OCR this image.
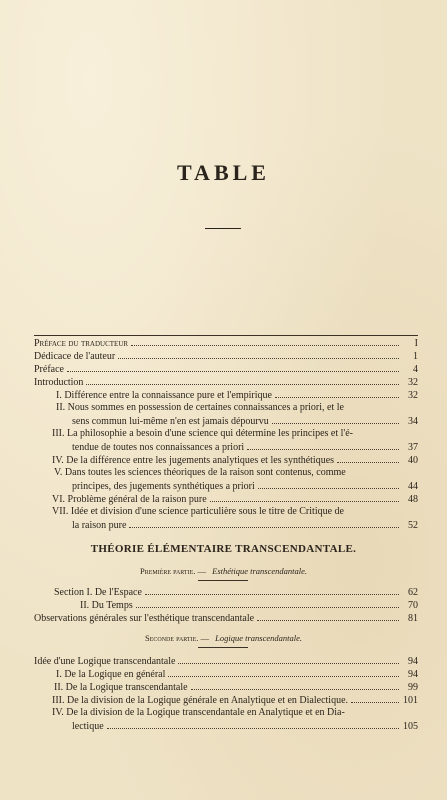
TABLE
Préface du traducteur	I
Dédicace de l'auteur	1
Préface	4
Introduction	32
I. Différence entre la connaissance pure et l'empirique	32
II. Nous sommes en possession de certaines connaissances a priori, et le
sens commun lui-même n'en est jamais dépourvu	34
III. La philosophie a besoin d'une science qui détermine les principes et l'é-
tendue de toutes nos connaissances a priori	37
IV. De la différence entre les jugements analytiques et les synthétiques	40
V. Dans toutes les sciences théoriques de la raison sont contenus, comme
principes, des jugements synthétiques a priori	44
VI. Problème général de la raison pure	48
VII. Idée et division d'une science particulière sous le titre de Critique de
la raison pure	52
THÉORIE ÉLÉMENTAIRE TRANSCENDANTALE.
Première partie. — Esthétique transcendantale.
Section I. De l'Espace	62
II. Du Temps	70
Observations générales sur l'esthétique transcendantale	81
Seconde partie. — Logique transcendantale.
Idée d'une Logique transcendantale	94
I. De la Logique en général	94
II. De la Logique transcendantale	99
III. De la division de la Logique générale en Analytique et en Dialectique.	101
IV. De la division de la Logique transcendantale en Analytique et en Dia-
lectique	105
